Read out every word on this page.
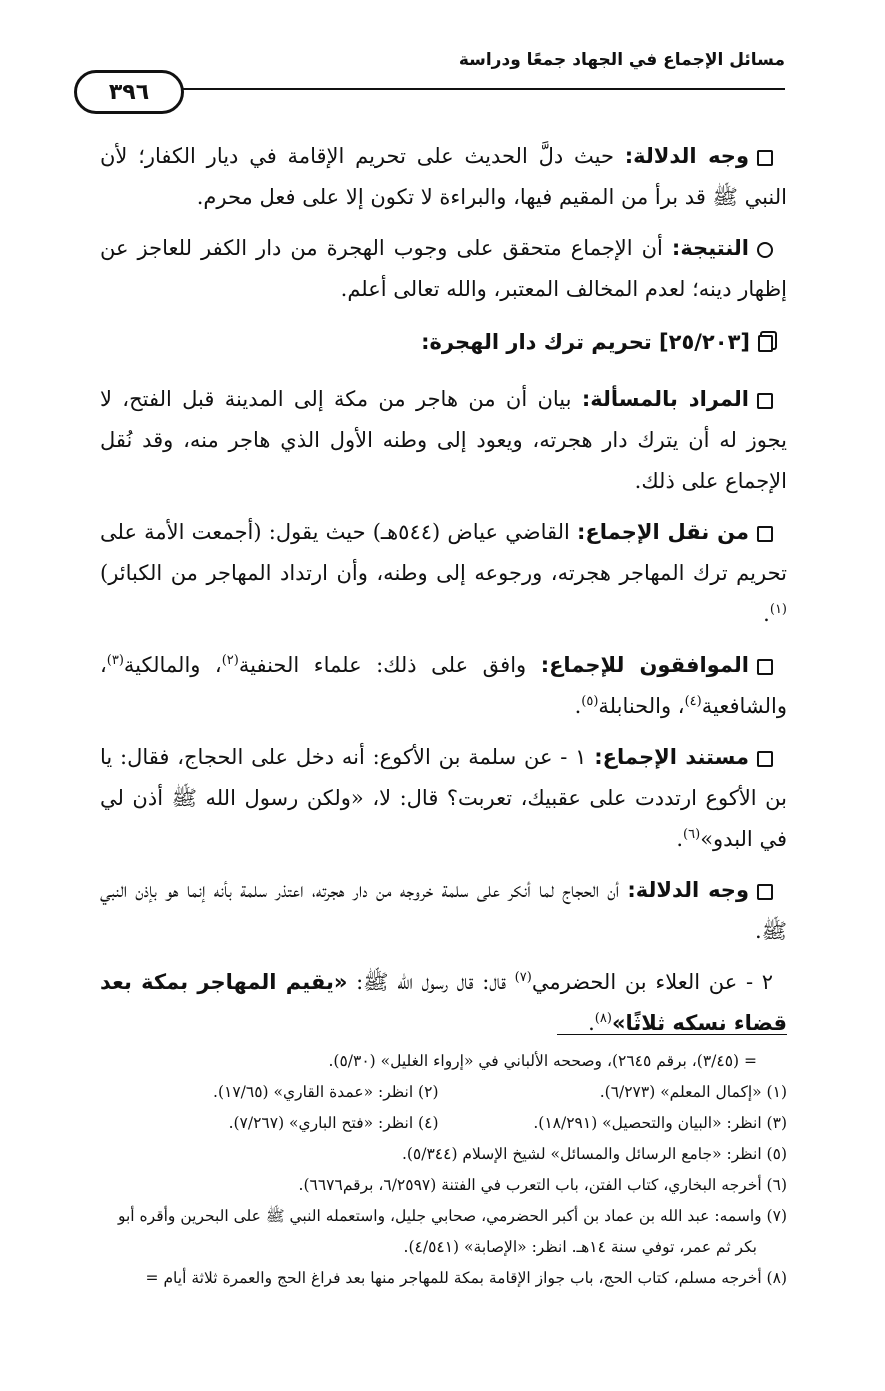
مسائل الإجماع في الجهاد جمعًا ودراسة
٣٩٦

وجه الدلالة: حيث دلَّ الحديث على تحريم الإقامة في ديار الكفار؛ لأن النبي ﷺ قد برأ من المقيم فيها، والبراءة لا تكون إلا على فعل محرم.

النتيجة: أن الإجماع متحقق على وجوب الهجرة من دار الكفر للعاجز عن إظهار دينه؛ لعدم المخالف المعتبر، والله تعالى أعلم.

[٢٥/٢٠٣] تحريم ترك دار الهجرة:

المراد بالمسألة: بيان أن من هاجر من مكة إلى المدينة قبل الفتح، لا يجوز له أن يترك دار هجرته، ويعود إلى وطنه الأول الذي هاجر منه، وقد نُقل الإجماع على ذلك.

من نقل الإجماع: القاضي عياض (٥٤٤هـ) حيث يقول: (أجمعت الأمة على تحريم ترك المهاجر هجرته، ورجوعه إلى وطنه، وأن ارتداد المهاجر من الكبائر)$^{(١)}$.

الموافقون للإجماع: وافق على ذلك: علماء الحنفية$^{(٢)}$، والمالكية$^{(٣)}$، والشافعية$^{(٤)}$، والحنابلة$^{(٥)}$.

مستند الإجماع: ١ - عن سلمة بن الأكوع: أنه دخل على الحجاج، فقال: يا بن الأكوع ارتددت على عقبيك، تعربت؟ قال: لا، «ولكن رسول الله ﷺ أذن لي في البدو»$^{(٦)}$.

وجه الدلالة: أن الحجاج لما أنكر على سلمة خروجه من دار هجرته، اعتذر سلمة بأنه إنما هو بإذن النبي ﷺ.

٢ - عن العلاء بن الحضرمي$^{(٧)}$ قال: قال رسول الله ﷺ: «يقيم المهاجر بمكة بعد قضاء نسكه ثلاثًا»$^{(٨)}$.

= (٣/٤٥)، برقم ٢٦٤٥)، وصححه الألباني في «إرواء الغليل» (٥/٣٠).

(١) «إكمال المعلم» (٦/٢٧٣).

(٢) انظر: «عمدة القاري» (١٧/٦٥).

(٣) انظر: «البيان والتحصيل» (١٨/٢٩١).

(٤) انظر: «فتح الباري» (٧/٢٦٧).

(٥) انظر: «جامع الرسائل والمسائل» لشيخ الإسلام (٥/٣٤٤).

(٦) أخرجه البخاري، كتاب الفتن، باب التعرب في الفتنة (٦/٢٥٩٧، برقم٦٦٧٦).

(٧) واسمه: عبد الله بن عماد بن أكبر الحضرمي، صحابي جليل، واستعمله النبي ﷺ على البحرين وأقره أبو

بكر ثم عمر، توفي سنة ١٤هـ. انظر: «الإصابة» (٤/٥٤١).

(٨) أخرجه مسلم، كتاب الحج، باب جواز الإقامة بمكة للمهاجر منها بعد فراغ الحج والعمرة ثلاثة أيام =
